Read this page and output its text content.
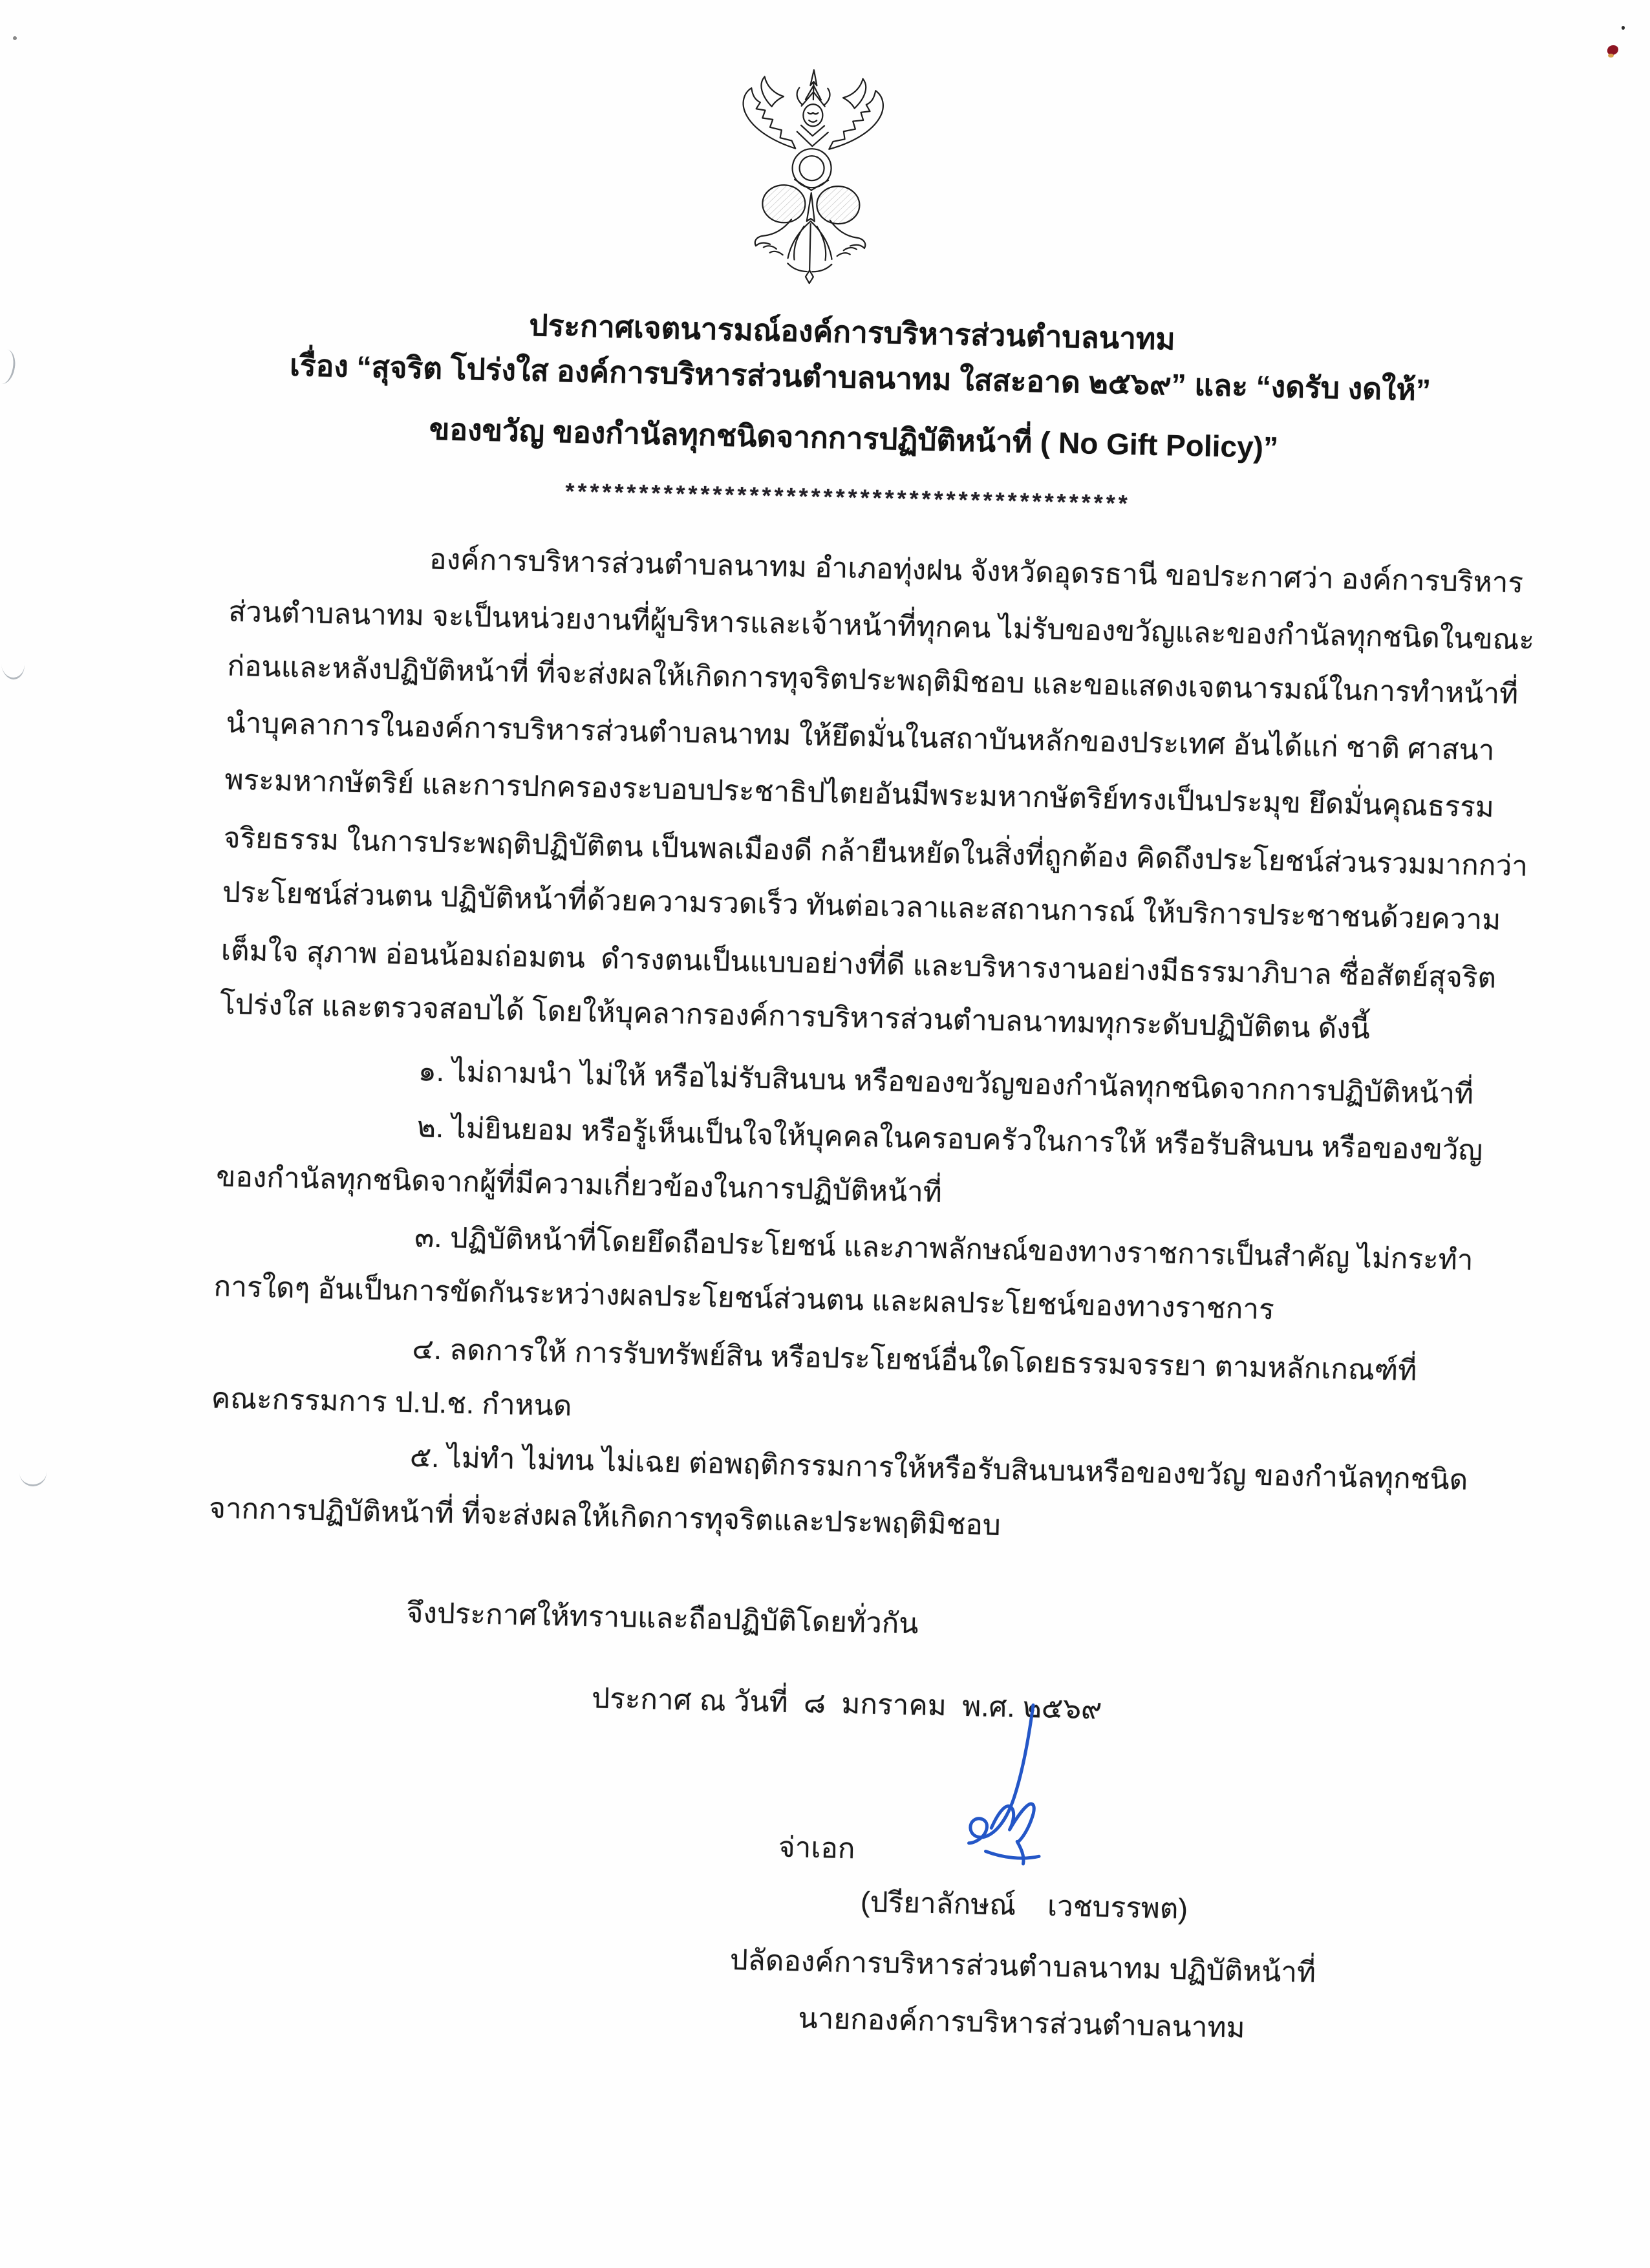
ประกาศเจตนารมณ์องค์การบริหารส่วนตำบลนาทม
เรื่อง “สุจริต โปร่งใส องค์การบริหารส่วนตำบลนาทม ใสสะอาด ๒๕๖๙” และ “งดรับ งดให้”
ของขวัญ ของกำนัลทุกชนิดจากการปฏิบัติหน้าที่ ( No Gift Policy)”
**********************************************
องค์การบริหารส่วนตำบลนาทม อำเภอทุ่งฝน จังหวัดอุดรธานี ขอประกาศว่า องค์การบริหาร
ส่วนตำบลนาทม จะเป็นหน่วยงานที่ผู้บริหารและเจ้าหน้าที่ทุกคน ไม่รับของขวัญและของกำนัลทุกชนิดในขณะ
ก่อนและหลังปฏิบัติหน้าที่ ที่จะส่งผลให้เกิดการทุจริตประพฤติมิชอบ และขอแสดงเจตนารมณ์ในการทำหน้าที่
นำบุคลาการในองค์การบริหารส่วนตำบลนาทม ให้ยึดมั่นในสถาบันหลักของประเทศ อันได้แก่ ชาติ ศาสนา
พระมหากษัตริย์ และการปกครองระบอบประชาธิปไตยอันมีพระมหากษัตริย์ทรงเป็นประมุข ยึดมั่นคุณธรรม
จริยธรรม ในการประพฤติปฏิบัติตน เป็นพลเมืองดี กล้ายืนหยัดในสิ่งที่ถูกต้อง คิดถึงประโยชน์ส่วนรวมมากกว่า
ประโยชน์ส่วนตน ปฏิบัติหน้าที่ด้วยความรวดเร็ว ทันต่อเวลาและสถานการณ์ ให้บริการประชาชนด้วยความ
เต็มใจ สุภาพ อ่อนน้อมถ่อมตน  ดำรงตนเป็นแบบอย่างที่ดี และบริหารงานอย่างมีธรรมาภิบาล ซื่อสัตย์สุจริต
โปร่งใส และตรวจสอบได้ โดยให้บุคลากรองค์การบริหารส่วนตำบลนาทมทุกระดับปฏิบัติตน ดังนี้
๑. ไม่ถามนำ ไม่ให้ หรือไม่รับสินบน หรือของขวัญของกำนัลทุกชนิดจากการปฏิบัติหน้าที่
๒. ไม่ยินยอม หรือรู้เห็นเป็นใจให้บุคคลในครอบครัวในการให้ หรือรับสินบน หรือของขวัญ
ของกำนัลทุกชนิดจากผู้ที่มีความเกี่ยวข้องในการปฏิบัติหน้าที่
๓. ปฏิบัติหน้าที่โดยยึดถือประโยชน์ และภาพลักษณ์ของทางราชการเป็นสำคัญ ไม่กระทำ
การใดๆ อันเป็นการขัดกันระหว่างผลประโยชน์ส่วนตน และผลประโยชน์ของทางราชการ
๔. ลดการให้ การรับทรัพย์สิน หรือประโยชน์อื่นใดโดยธรรมจรรยา ตามหลักเกณฑ์ที่
คณะกรรมการ ป.ป.ช. กำหนด
๕. ไม่ทำ ไม่ทน ไม่เฉย ต่อพฤติกรรมการให้หรือรับสินบนหรือของขวัญ ของกำนัลทุกชนิด
จากการปฏิบัติหน้าที่ ที่จะส่งผลให้เกิดการทุจริตและประพฤติมิชอบ
จึงประกาศให้ทราบและถือปฏิบัติโดยทั่วกัน
ประกาศ ณ วันที่  ๘  มกราคม  พ.ศ. ๒๕๖๙
จ่าเอก
(ปรียาลักษณ์    เวชบรรพต)
ปลัดองค์การบริหารส่วนตำบลนาทม ปฏิบัติหน้าที่
นายกองค์การบริหารส่วนตำบลนาทม
